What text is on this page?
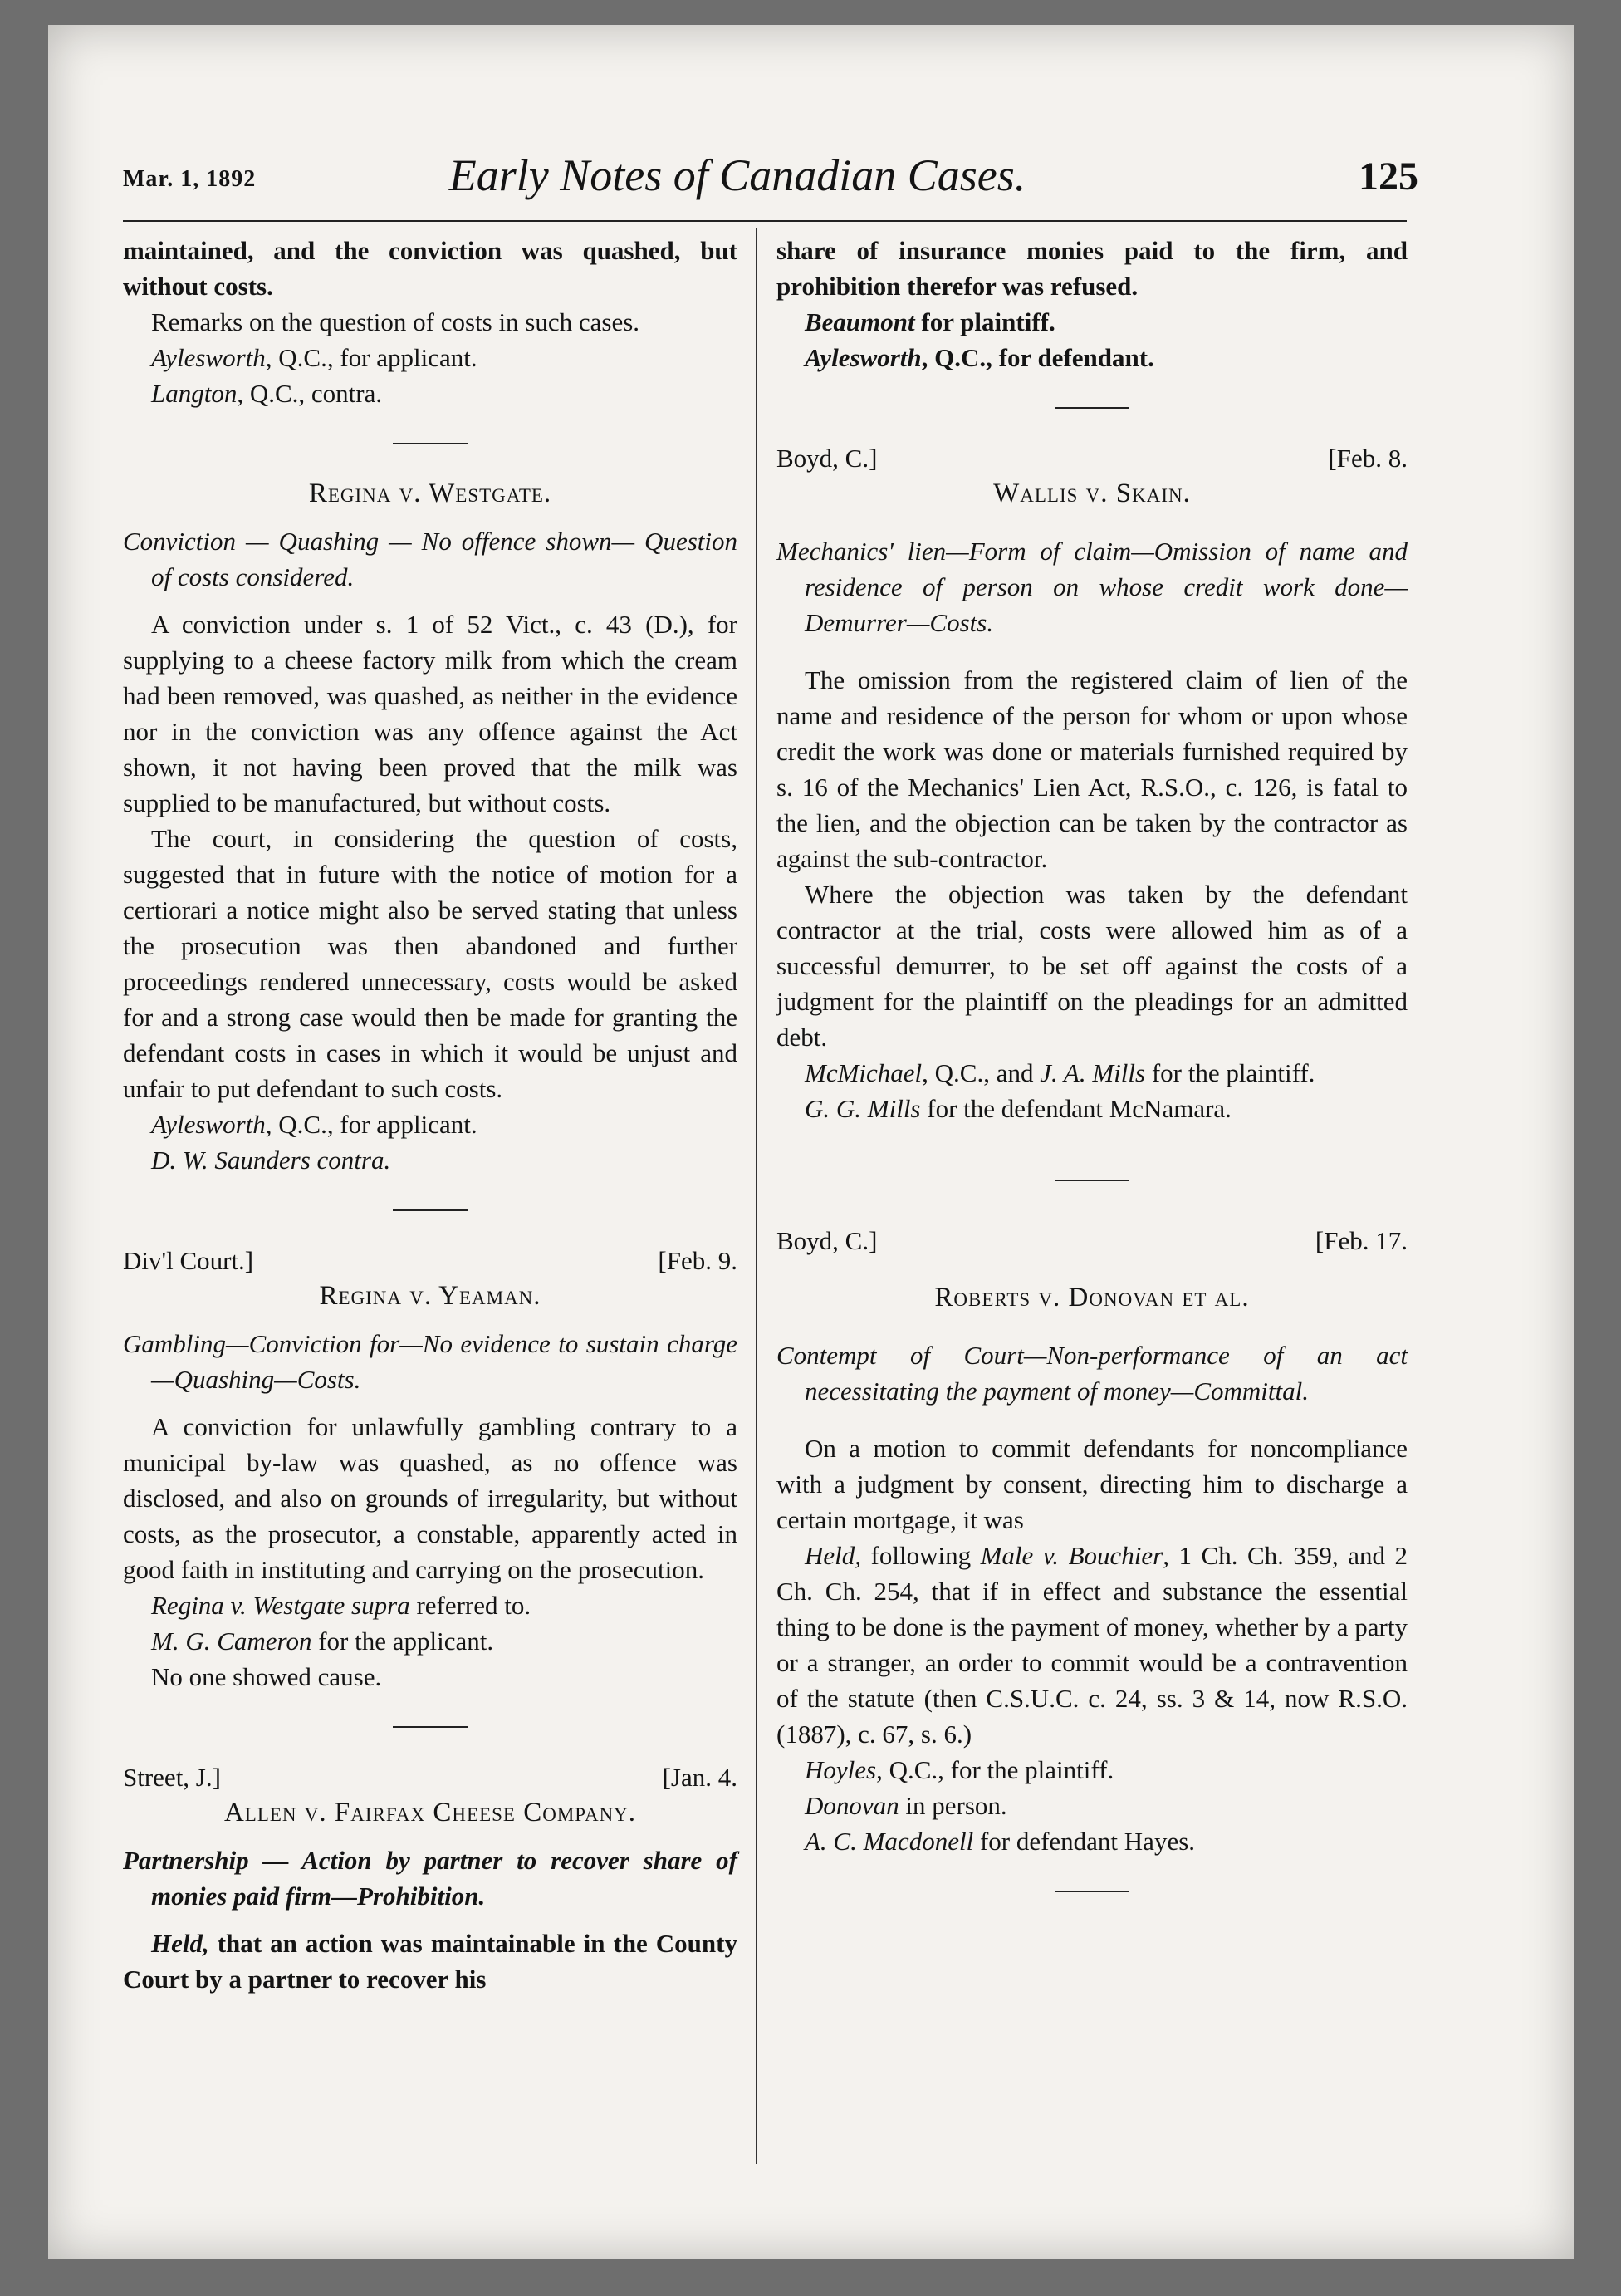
Mar. 1, 1892	Early Notes of Canadian Cases.	125

maintained, and the conviction was quashed, but without costs.

Remarks on the question of costs in such cases.

Aylesworth, Q.C., for applicant.

Langton, Q.C., contra.

Regina v. Westgate.

Conviction — Quashing — No offence shown— Question of costs considered.

A conviction under s. 1 of 52 Vict., c. 43 (D.), for supplying to a cheese factory milk from which the cream had been removed, was quashed, as neither in the evidence nor in the conviction was any offence against the Act shown, it not having been proved that the milk was supplied to be manufactured, but without costs.

The court, in considering the question of costs, suggested that in future with the notice of motion for a certiorari a notice might also be served stating that unless the prosecution was then abandoned and further proceedings rendered unnecessary, costs would be asked for and a strong case would then be made for granting the defendant costs in cases in which it would be unjust and unfair to put defendant to such costs.

Aylesworth, Q.C., for applicant.

D. W. Saunders contra.

Div'l Court.]	[Feb. 9.

Regina v. Yeaman.

Gambling—Conviction for—No evidence to sustain charge—Quashing—Costs.

A conviction for unlawfully gambling contrary to a municipal by-law was quashed, as no offence was disclosed, and also on grounds of irregularity, but without costs, as the prosecutor, a constable, apparently acted in good faith in instituting and carrying on the prosecution.

Regina v. Westgate supra referred to.

M. G. Cameron for the applicant.

No one showed cause.

Street, J.]	[Jan. 4.

Allen v. Fairfax Cheese Company.

Partnership — Action by partner to recover share of monies paid firm—Prohibition.

Held, that an action was maintainable in the County Court by a partner to recover his

share of insurance monies paid to the firm, and prohibition therefor was refused.

Beaumont for plaintiff.

Aylesworth, Q.C., for defendant.

Boyd, C.]	[Feb. 8.

Wallis v. Skain.

Mechanics' lien—Form of claim—Omission of name and residence of person on whose credit work done—Demurrer—Costs.

The omission from the registered claim of lien of the name and residence of the person for whom or upon whose credit the work was done or materials furnished required by s. 16 of the Mechanics' Lien Act, R.S.O., c. 126, is fatal to the lien, and the objection can be taken by the contractor as against the sub-contractor.

Where the objection was taken by the defendant contractor at the trial, costs were allowed him as of a successful demurrer, to be set off against the costs of a judgment for the plaintiff on the pleadings for an admitted debt.

McMichael, Q.C., and J. A. Mills for the plaintiff.

G. G. Mills for the defendant McNamara.

Boyd, C.]	[Feb. 17.

Roberts v. Donovan et al.

Contempt of Court—Non-performance of an act necessitating the payment of money—Committal.

On a motion to commit defendants for noncompliance with a judgment by consent, directing him to discharge a certain mortgage, it was

Held, following Male v. Bouchier, 1 Ch. Ch. 359, and 2 Ch. Ch. 254, that if in effect and substance the essential thing to be done is the payment of money, whether by a party or a stranger, an order to commit would be a contravention of the statute (then C.S.U.C. c. 24, ss. 3 & 14, now R.S.O. (1887), c. 67, s. 6.)

Hoyles, Q.C., for the plaintiff.

Donovan in person.

A. C. Macdonell for defendant Hayes.
